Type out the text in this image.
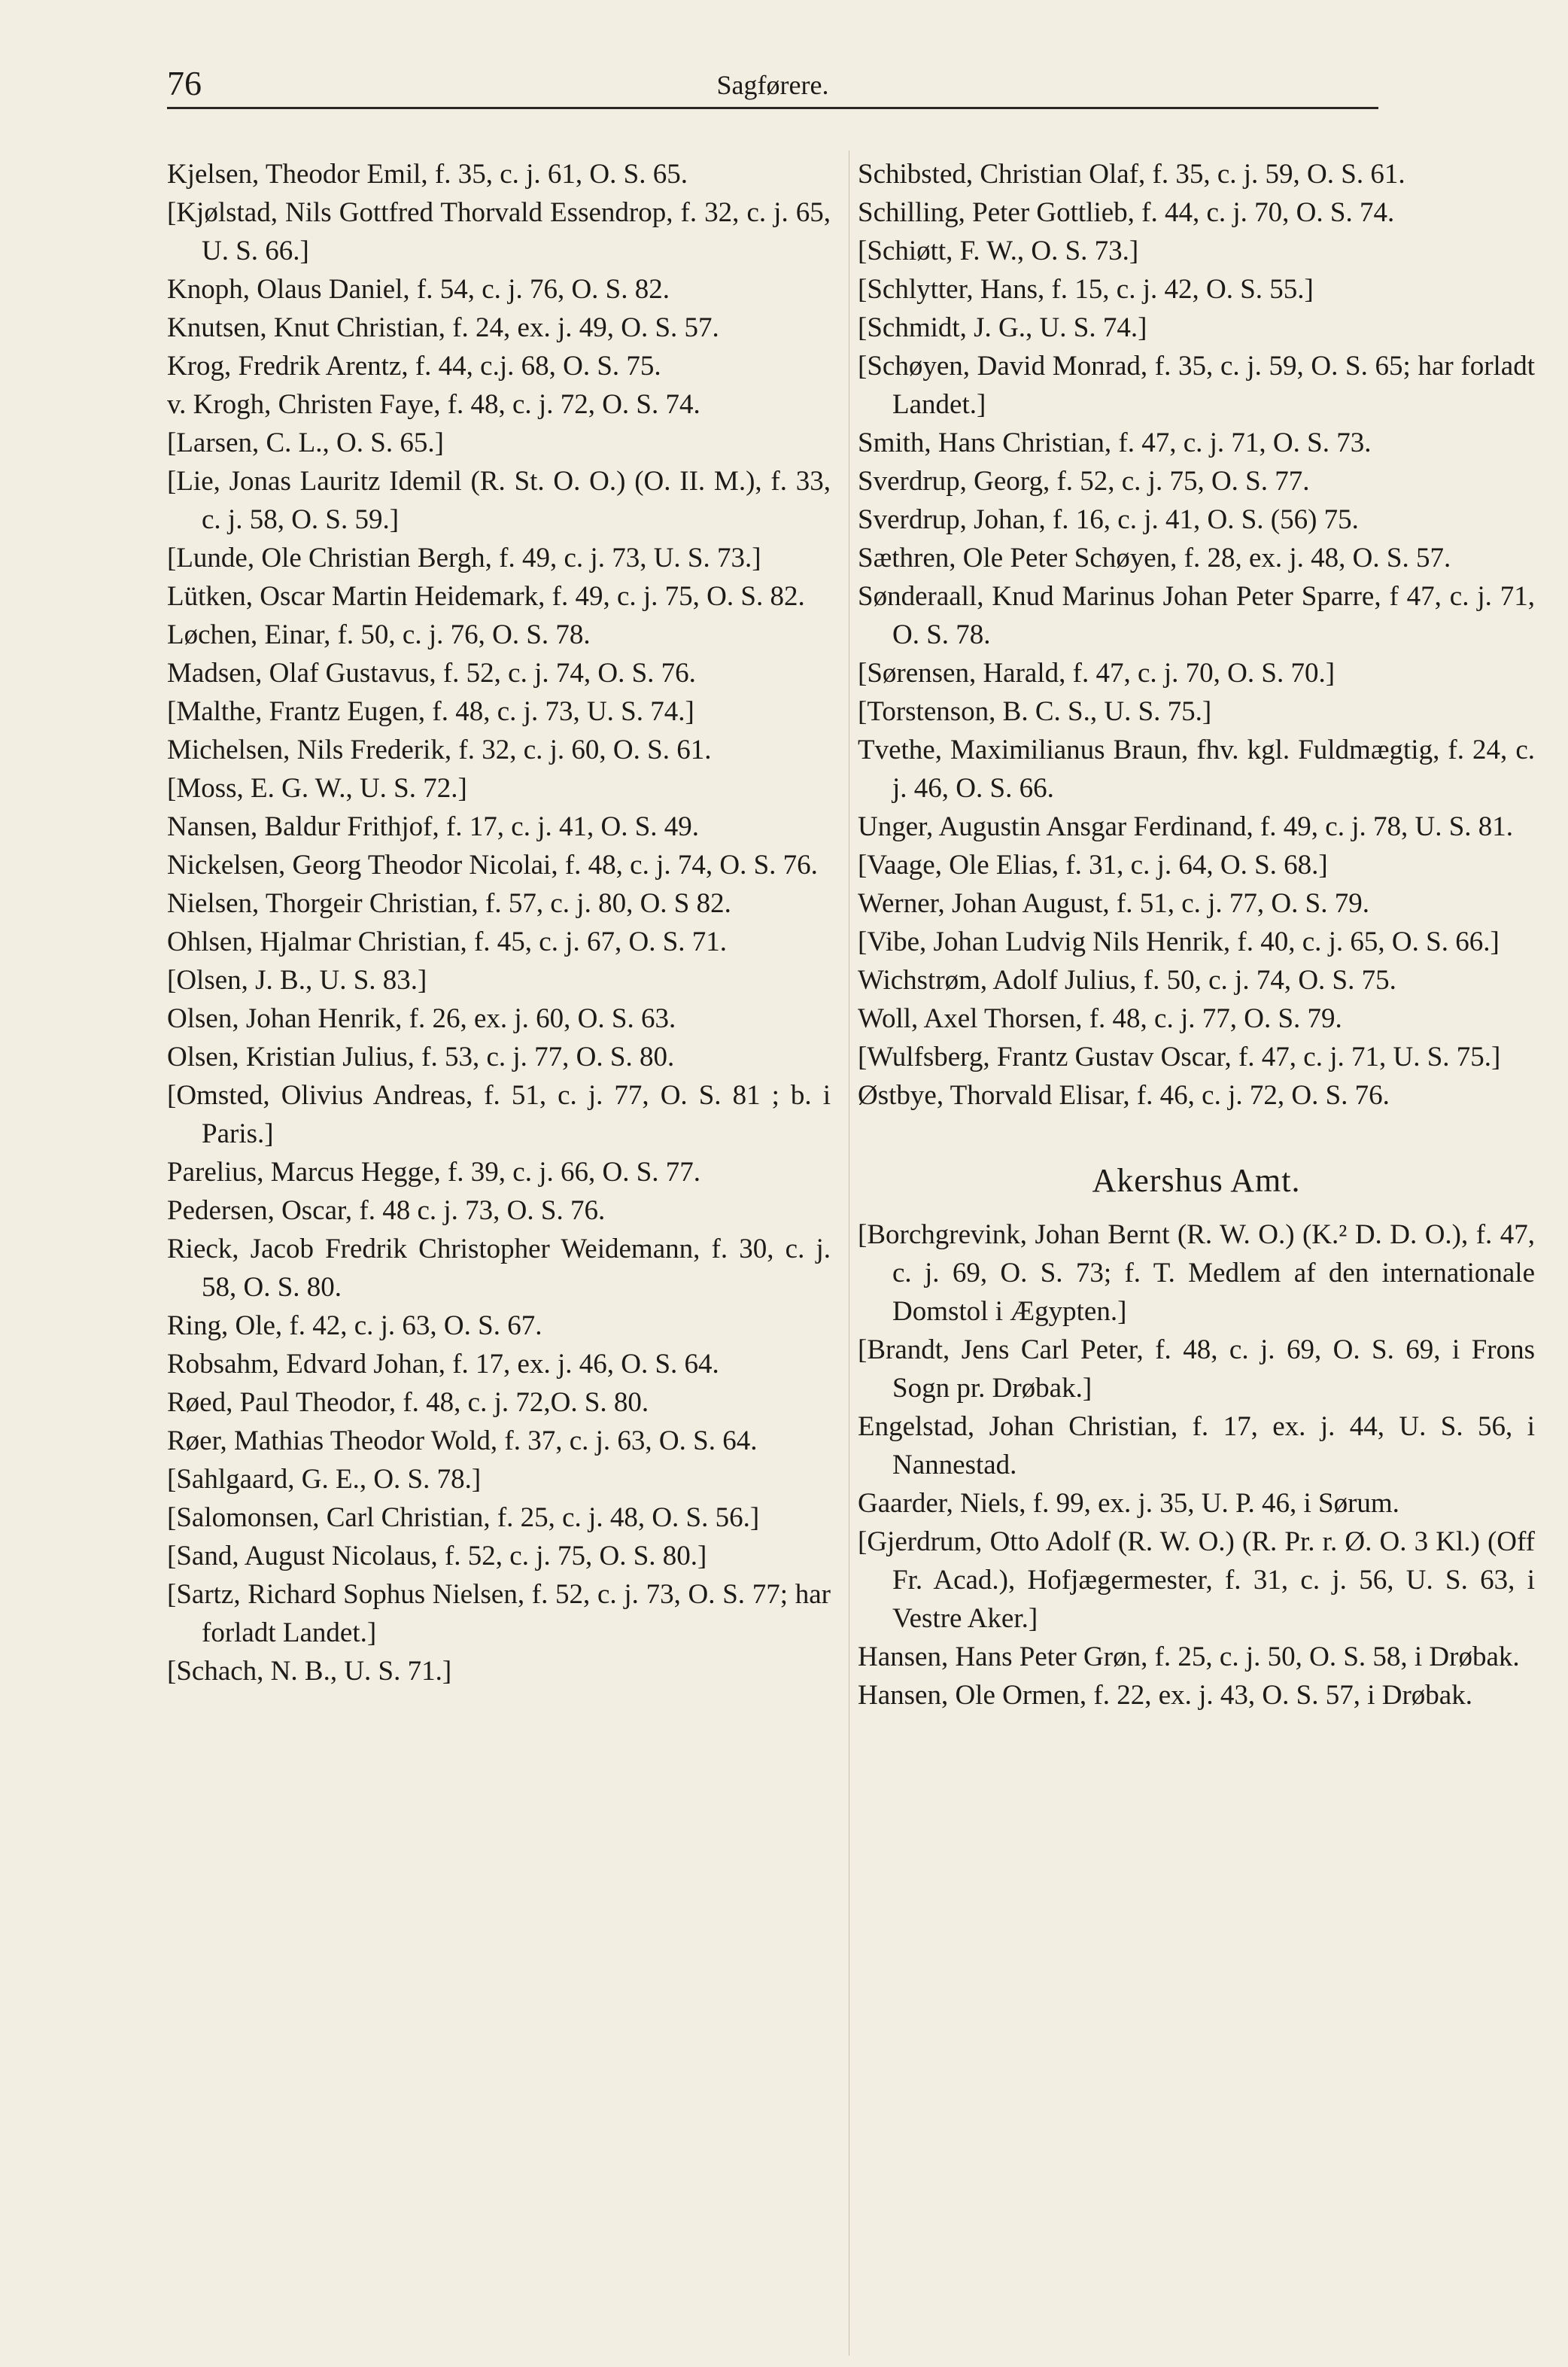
76	Sagførere.

Kjelsen, Theodor Emil, f. 35, c. j. 61, O. S. 65.

[Kjølstad, Nils Gottfred Thorvald Essendrop, f. 32, c. j. 65, U. S. 66.]

Knoph, Olaus Daniel, f. 54, c. j. 76, O. S. 82.

Knutsen, Knut Christian, f. 24, ex. j. 49, O. S. 57.

Krog, Fredrik Arentz, f. 44, c.j. 68, O. S. 75.

v. Krogh, Christen Faye, f. 48, c. j. 72, O. S. 74.

[Larsen, C. L., O. S. 65.]

[Lie, Jonas Lauritz Idemil (R. St. O. O.) (O. II. M.), f. 33, c. j. 58, O. S. 59.]

[Lunde, Ole Christian Bergh, f. 49, c. j. 73, U. S. 73.]

Lütken, Oscar Martin Heidemark, f. 49, c. j. 75, O. S. 82.

Løchen, Einar, f. 50, c. j. 76, O. S. 78.

Madsen, Olaf Gustavus, f. 52, c. j. 74, O. S. 76.

[Malthe, Frantz Eugen, f. 48, c. j. 73, U. S. 74.]

Michelsen, Nils Frederik, f. 32, c. j. 60, O. S. 61.

[Moss, E. G. W., U. S. 72.]

Nansen, Baldur Frithjof, f. 17, c. j. 41, O. S. 49.

Nickelsen, Georg Theodor Nicolai, f. 48, c. j. 74, O. S. 76.

Nielsen, Thorgeir Christian, f. 57, c. j. 80, O. S 82.

Ohlsen, Hjalmar Christian, f. 45, c. j. 67, O. S. 71.

[Olsen, J. B., U. S. 83.]

Olsen, Johan Henrik, f. 26, ex. j. 60, O. S. 63.

Olsen, Kristian Julius, f. 53, c. j. 77, O. S. 80.

[Omsted, Olivius Andreas, f. 51, c. j. 77, O. S. 81 ; b. i Paris.]

Parelius, Marcus Hegge, f. 39, c. j. 66, O. S. 77.

Pedersen, Oscar, f. 48 c. j. 73, O. S. 76.

Rieck, Jacob Fredrik Christopher Weidemann, f. 30, c. j. 58, O. S. 80.

Ring, Ole, f. 42, c. j. 63, O. S. 67.

Robsahm, Edvard Johan, f. 17, ex. j. 46, O. S. 64.

Røed, Paul Theodor, f. 48, c. j. 72,O. S. 80.

Røer, Mathias Theodor Wold, f. 37, c. j. 63, O. S. 64.

[Sahlgaard, G. E., O. S. 78.]

[Salomonsen, Carl Christian, f. 25, c. j. 48, O. S. 56.]

[Sand, August Nicolaus, f. 52, c. j. 75, O. S. 80.]

[Sartz, Richard Sophus Nielsen, f. 52, c. j. 73, O. S. 77; har forladt Landet.]

[Schach, N. B., U. S. 71.]

Schibsted, Christian Olaf, f. 35, c. j. 59, O. S. 61.

Schilling, Peter Gottlieb, f. 44, c. j. 70, O. S. 74.

[Schiøtt, F. W., O. S. 73.]

[Schlytter, Hans, f. 15, c. j. 42, O. S. 55.]

[Schmidt, J. G., U. S. 74.]

[Schøyen, David Monrad, f. 35, c. j. 59, O. S. 65; har forladt Landet.]

Smith, Hans Christian, f. 47, c. j. 71, O. S. 73.

Sverdrup, Georg, f. 52, c. j. 75, O. S. 77.

Sverdrup, Johan, f. 16, c. j. 41, O. S. (56) 75.

Sæthren, Ole Peter Schøyen, f. 28, ex. j. 48, O. S. 57.

Sønderaall, Knud Marinus Johan Peter Sparre, f 47, c. j. 71, O. S. 78.

[Sørensen, Harald, f. 47, c. j. 70, O. S. 70.]

[Torstenson, B. C. S., U. S. 75.]

Tvethe, Maximilianus Braun, fhv. kgl. Fuldmægtig, f. 24, c. j. 46, O. S. 66.

Unger, Augustin Ansgar Ferdinand, f. 49, c. j. 78, U. S. 81.

[Vaage, Ole Elias, f. 31, c. j. 64, O. S. 68.]

Werner, Johan August, f. 51, c. j. 77, O. S. 79.

[Vibe, Johan Ludvig Nils Henrik, f. 40, c. j. 65, O. S. 66.]

Wichstrøm, Adolf Julius, f. 50, c. j. 74, O. S. 75.

Woll, Axel Thorsen, f. 48, c. j. 77, O. S. 79.

[Wulfsberg, Frantz Gustav Oscar, f. 47, c. j. 71, U. S. 75.]

Østbye, Thorvald Elisar, f. 46, c. j. 72, O. S. 76.

Akershus Amt.

[Borchgrevink, Johan Bernt (R. W. O.) (K.² D. D. O.), f. 47, c. j. 69, O. S. 73; f. T. Medlem af den internationale Domstol i Ægypten.]

[Brandt, Jens Carl Peter, f. 48, c. j. 69, O. S. 69, i Frons Sogn pr. Drøbak.]

Engelstad, Johan Christian, f. 17, ex. j. 44, U. S. 56, i Nannestad.

Gaarder, Niels, f. 99, ex. j. 35, U. P. 46, i Sørum.

[Gjerdrum, Otto Adolf (R. W. O.) (R. Pr. r. Ø. O. 3 Kl.) (Off Fr. Acad.), Hofjægermester, f. 31, c. j. 56, U. S. 63, i Vestre Aker.]

Hansen, Hans Peter Grøn, f. 25, c. j. 50, O. S. 58, i Drøbak.

Hansen, Ole Ormen, f. 22, ex. j. 43, O. S. 57, i Drøbak.
